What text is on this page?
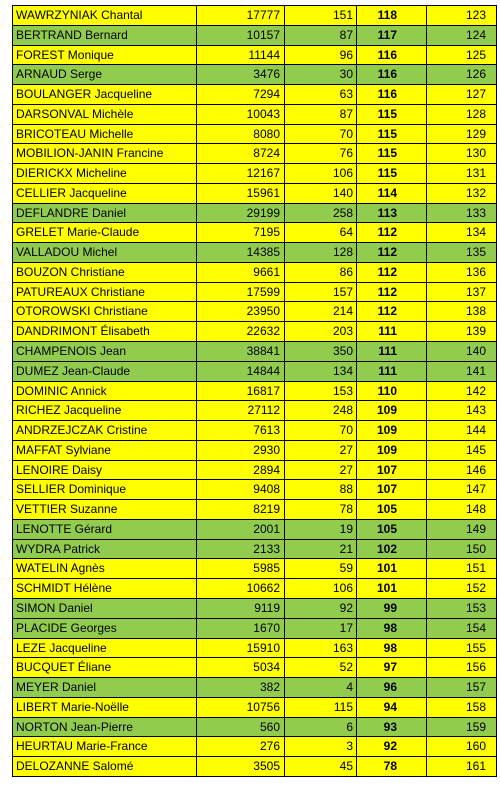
WAWRZYNIAK Chantal	17777	151	118	123
BERTRAND Bernard	10157	87	117	124
FOREST Monique	11144	96	116	125
ARNAUD Serge	3476	30	116	126
BOULANGER Jacqueline	7294	63	116	127
DARSONVAL Michèle	10043	87	115	128
BRICOTEAU Michelle	8080	70	115	129
MOBILION-JANIN Francine	8724	76	115	130
DIERICKX Micheline	12167	106	115	131
CELLIER Jacqueline	15961	140	114	132
DEFLANDRE Daniel	29199	258	113	133
GRELET Marie-Claude	7195	64	112	134
VALLADOU Michel	14385	128	112	135
BOUZON Christiane	9661	86	112	136
PATUREAUX Christiane	17599	157	112	137
OTOROWSKI Christiane	23950	214	112	138
DANDRIMONT Élisabeth	22632	203	111	139
CHAMPENOIS Jean	38841	350	111	140
DUMEZ Jean-Claude	14844	134	111	141
DOMINIC Annick	16817	153	110	142
RICHEZ Jacqueline	27112	248	109	143
ANDRZEJCZAK Cristine	7613	70	109	144
MAFFAT Sylviane	2930	27	109	145
LENOIRE Daisy	2894	27	107	146
SELLIER Dominique	9408	88	107	147
VETTIER Suzanne	8219	78	105	148
LENOTTE Gérard	2001	19	105	149
WYDRA Patrick	2133	21	102	150
WATELIN Agnès	5985	59	101	151
SCHMIDT Hélène	10662	106	101	152
SIMON Daniel	9119	92	99	153
PLACIDE Georges	1670	17	98	154
LEZE Jacqueline	15910	163	98	155
BUCQUET Éliane	5034	52	97	156
MEYER Daniel	382	4	96	157
LIBERT Marie-Noëlle	10756	115	94	158
NORTON Jean-Pierre	560	6	93	159
HEURTAU Marie-France	276	3	92	160
DELOZANNE Salomé	3505	45	78	161
